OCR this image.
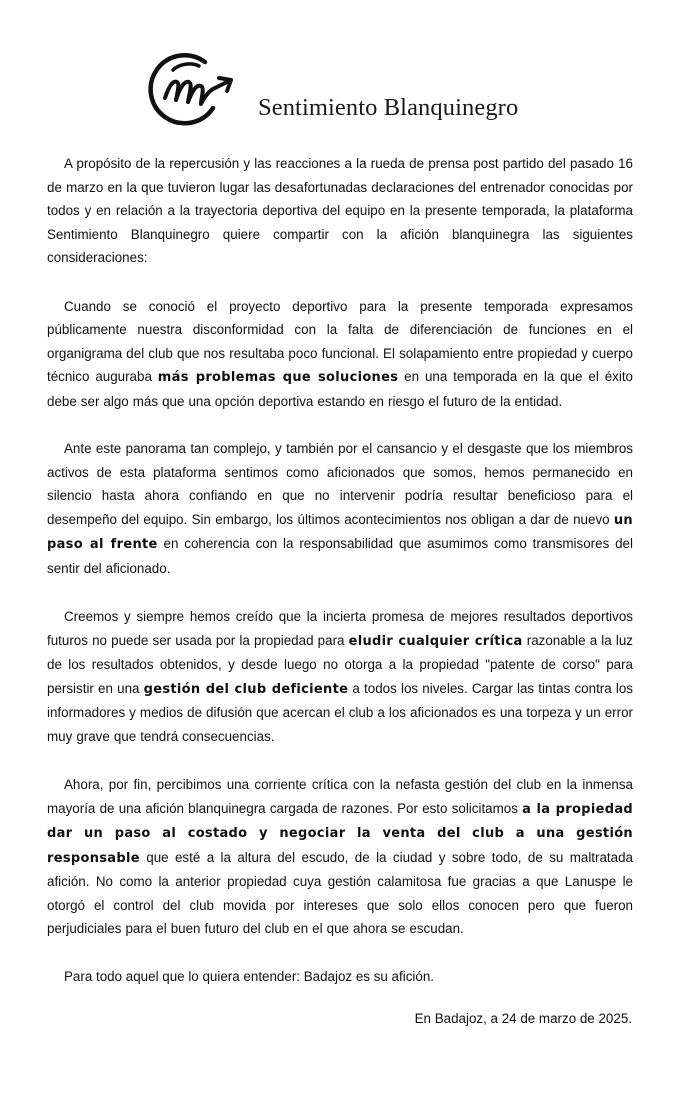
Sentimiento Blanquinegro

A propósito de la repercusión y las reacciones a la rueda de prensa post partido del pasado 16 de marzo en la que tuvieron lugar las desafortunadas declaraciones del entrenador conocidas por todos y en relación a la trayectoria deportiva del equipo en la presente temporada, la plataforma Sentimiento Blanquinegro quiere compartir con la afición blanquinegra las siguientes consideraciones:

Cuando se conoció el proyecto deportivo para la presente temporada expresamos públicamente nuestra disconformidad con la falta de diferenciación de funciones en el organigrama del club que nos resultaba poco funcional. El solapamiento entre propiedad y cuerpo técnico auguraba más problemas que soluciones en una temporada en la que el éxito debe ser algo más que una opción deportiva estando en riesgo el futuro de la entidad.

Ante este panorama tan complejo, y también por el cansancio y el desgaste que los miembros activos de esta plataforma sentimos como aficionados que somos, hemos permanecido en silencio hasta ahora confiando en que no intervenir podría resultar beneficioso para el desempeño del equipo. Sin embargo, los últimos acontecimientos nos obligan a dar de nuevo un paso al frente en coherencia con la responsabilidad que asumimos como transmisores del sentir del aficionado.

Creemos y siempre hemos creído que la incierta promesa de mejores resultados deportivos futuros no puede ser usada por la propiedad para eludir cualquier crítica razonable a la luz de los resultados obtenidos, y desde luego no otorga a la propiedad "patente de corso" para persistir en una gestión del club deficiente a todos los niveles. Cargar las tintas contra los informadores y medios de difusión que acercan el club a los aficionados es una torpeza y un error muy grave que tendrá consecuencias.

Ahora, por fin, percibimos una corriente crítica con la nefasta gestión del club en la inmensa mayoría de una afición blanquinegra cargada de razones. Por esto solicitamos a la propiedad dar un paso al costado y negociar la venta del club a una gestión responsable que esté a la altura del escudo, de la ciudad y sobre todo, de su maltratada afición. No como la anterior propiedad cuya gestión calamitosa fue gracias a que Lanuspe le otorgó el control del club movida por intereses que solo ellos conocen pero que fueron perjudiciales para el buen futuro del club en el que ahora se escudan.

Para todo aquel que lo quiera entender: Badajoz es su afición.

En Badajoz, a 24 de marzo de 2025.
